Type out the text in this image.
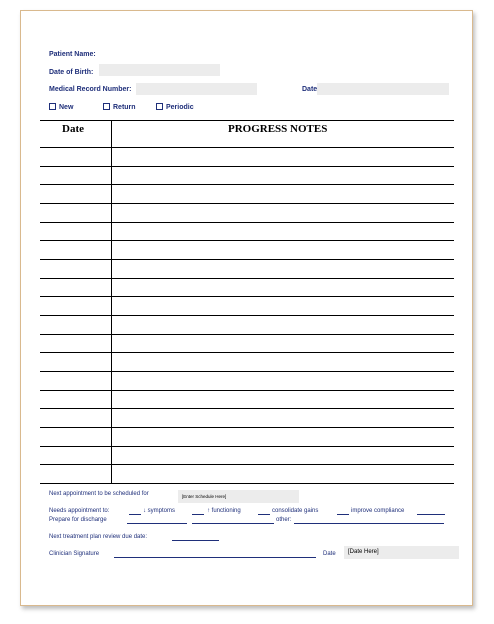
Patient Name:
Date of Birth:
Medical Record Number:	Date
New	Return	Periodic
Date	PROGRESS NOTES
Next appointment to be scheduled for	[Enter Schedule Here]
Needs appointment to:	↓ symptoms	↑ functioning	consolidate gains	improve compliance
Prepare for discharge	other:
Next treatment plan review due date:
Clinician Signature	Date [Date Here]
